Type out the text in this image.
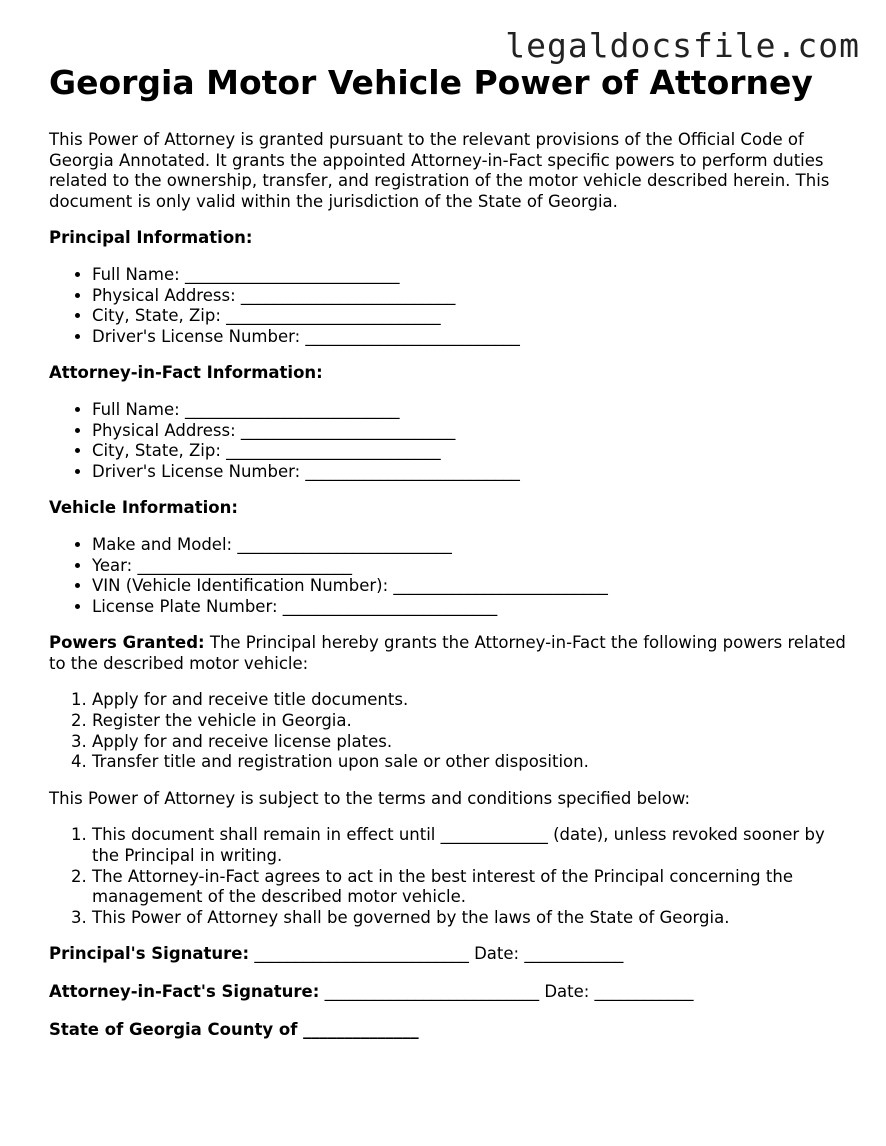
legaldocsfile.com
Georgia Motor Vehicle Power of Attorney

This Power of Attorney is granted pursuant to the relevant provisions of the Official Code of Georgia Annotated. It grants the appointed Attorney-in-Fact specific powers to perform duties related to the ownership, transfer, and registration of the motor vehicle described herein. This document is only valid within the jurisdiction of the State of Georgia.

Principal Information:

• Full Name: __________________________
• Physical Address: __________________________
• City, State, Zip: __________________________
• Driver's License Number: __________________________

Attorney-in-Fact Information:

• Full Name: __________________________
• Physical Address: __________________________
• City, State, Zip: __________________________
• Driver's License Number: __________________________

Vehicle Information:

• Make and Model: __________________________
• Year: __________________________
• VIN (Vehicle Identification Number): __________________________
• License Plate Number: __________________________

Powers Granted: The Principal hereby grants the Attorney-in-Fact the following powers related to the described motor vehicle:

1. Apply for and receive title documents.
2. Register the vehicle in Georgia.
3. Apply for and receive license plates.
4. Transfer title and registration upon sale or other disposition.

This Power of Attorney is subject to the terms and conditions specified below:

1. This document shall remain in effect until _____________ (date), unless revoked sooner by the Principal in writing.
2. The Attorney-in-Fact agrees to act in the best interest of the Principal concerning the management of the described motor vehicle.
3. This Power of Attorney shall be governed by the laws of the State of Georgia.

Principal's Signature: __________________________ Date: ____________

Attorney-in-Fact's Signature: __________________________ Date: ____________

State of Georgia County of ______________
